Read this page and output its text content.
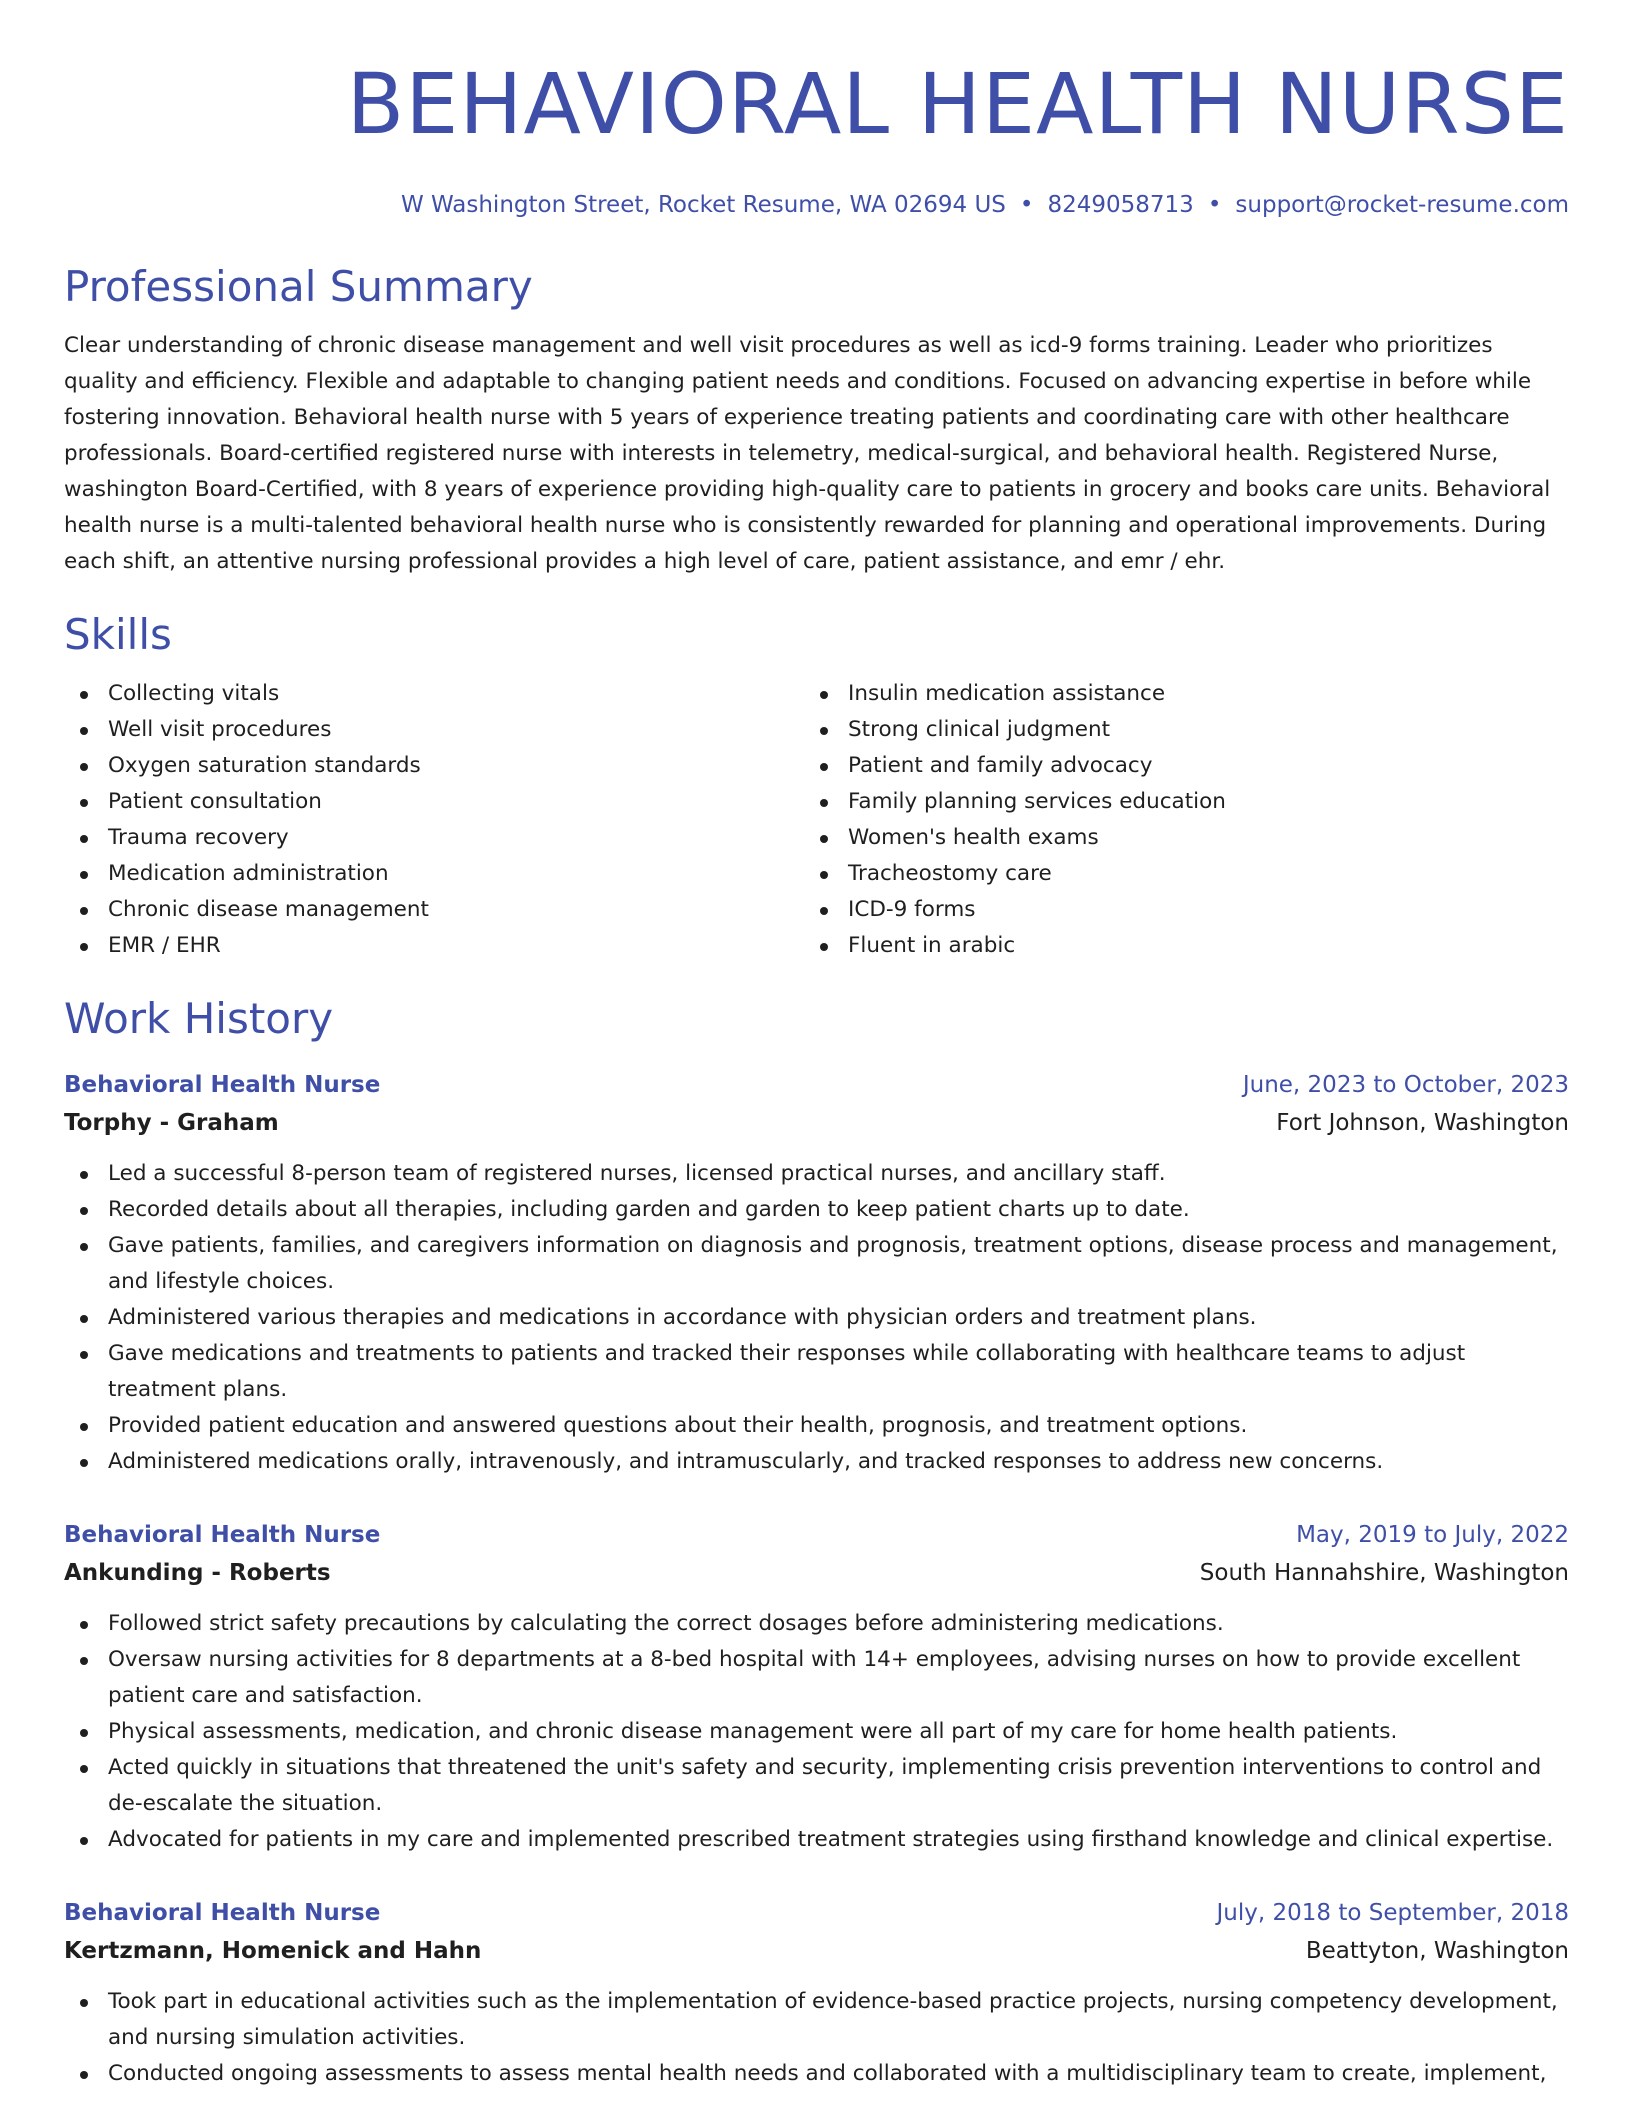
BEHAVIORAL HEALTH NURSE
W Washington Street, Rocket Resume, WA 02694 US • 8249058713 • support@rocket-resume.com
Professional Summary

Clear understanding of chronic disease management and well visit procedures as well as icd-9 forms training. Leader who prioritizes quality and efficiency. Flexible and adaptable to changing patient needs and conditions. Focused on advancing expertise in before while fostering innovation. Behavioral health nurse with 5 years of experience treating patients and coordinating care with other healthcare professionals. Board-certified registered nurse with interests in telemetry, medical-surgical, and behavioral health. Registered Nurse, washington Board-Certified, with 8 years of experience providing high-quality care to patients in grocery and books care units. Behavioral health nurse is a multi-talented behavioral health nurse who is consistently rewarded for planning and operational improvements. During each shift, an attentive nursing professional provides a high level of care, patient assistance, and emr / ehr.

Skills
Collecting vitals
Well visit procedures
Oxygen saturation standards
Patient consultation
Trauma recovery
Medication administration
Chronic disease management
EMR / EHR
Insulin medication assistance
Strong clinical judgment
Patient and family advocacy
Family planning services education
Women's health exams
Tracheostomy care
ICD-9 forms
Fluent in arabic
Work History
Behavioral Health Nurse	June, 2023 to October, 2023
Torphy - Graham	Fort Johnson, Washington
Led a successful 8-person team of registered nurses, licensed practical nurses, and ancillary staff.
Recorded details about all therapies, including garden and garden to keep patient charts up to date.
Gave patients, families, and caregivers information on diagnosis and prognosis, treatment options, disease process and management, and lifestyle choices.
Administered various therapies and medications in accordance with physician orders and treatment plans.
Gave medications and treatments to patients and tracked their responses while collaborating with healthcare teams to adjust treatment plans.
Provided patient education and answered questions about their health, prognosis, and treatment options.
Administered medications orally, intravenously, and intramuscularly, and tracked responses to address new concerns.
Behavioral Health Nurse	May, 2019 to July, 2022
Ankunding - Roberts	South Hannahshire, Washington
Followed strict safety precautions by calculating the correct dosages before administering medications.
Oversaw nursing activities for 8 departments at a 8-bed hospital with 14+ employees, advising nurses on how to provide excellent patient care and satisfaction.
Physical assessments, medication, and chronic disease management were all part of my care for home health patients.
Acted quickly in situations that threatened the unit's safety and security, implementing crisis prevention interventions to control and de-escalate the situation.
Advocated for patients in my care and implemented prescribed treatment strategies using firsthand knowledge and clinical expertise.
Behavioral Health Nurse	July, 2018 to September, 2018
Kertzmann, Homenick and Hahn	Beattyton, Washington
Took part in educational activities such as the implementation of evidence-based practice projects, nursing competency development, and nursing simulation activities.
Conducted ongoing assessments to assess mental health needs and collaborated with a multidisciplinary team to create, implement,
